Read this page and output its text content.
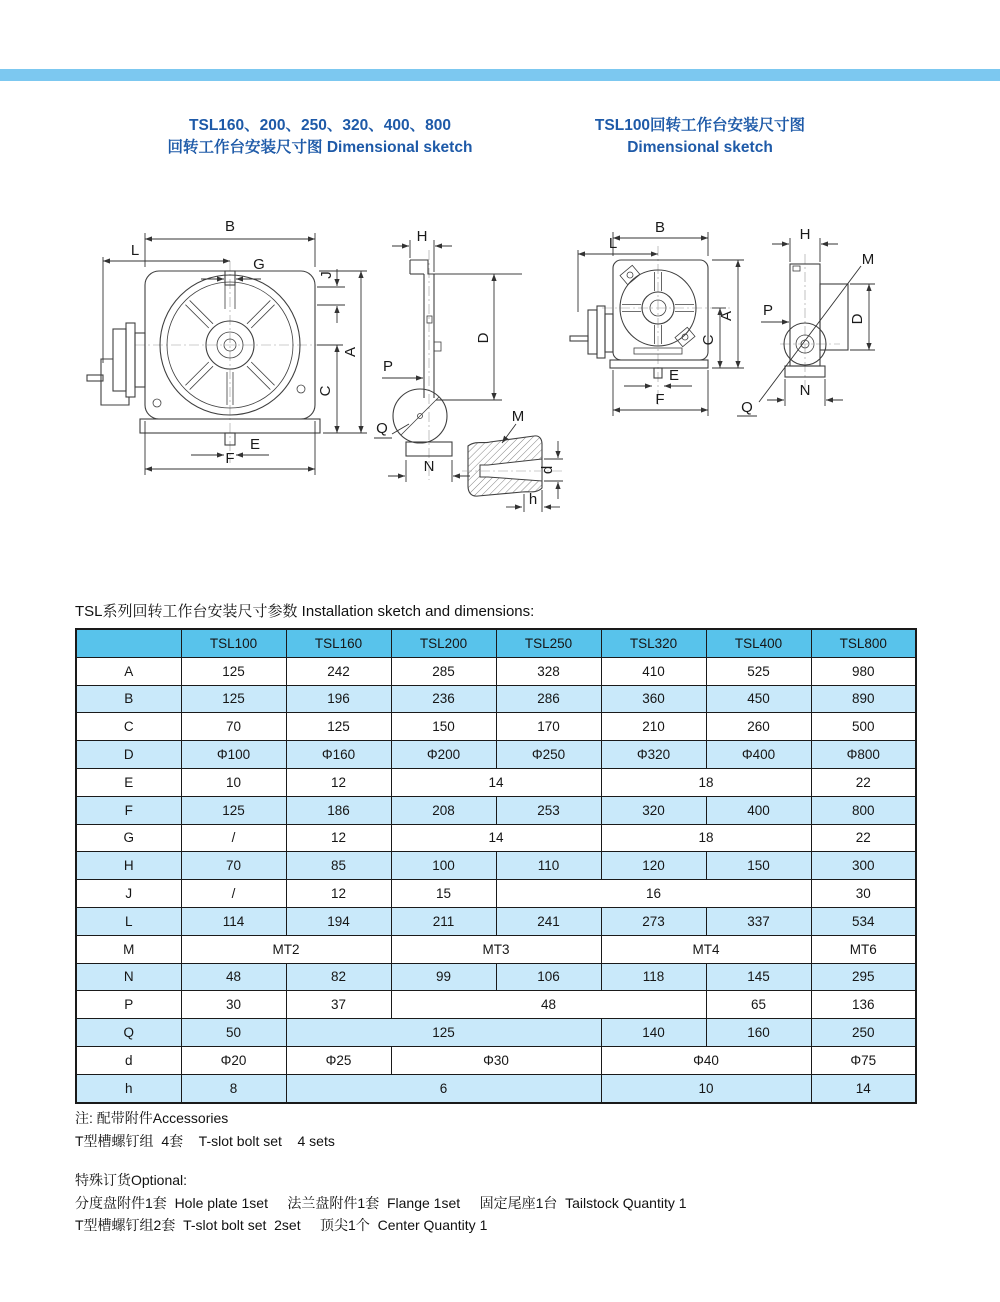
TSL160、200、250、320、400、800
回转工作台安装尺寸图 Dimensional sketch
TSL100回转工作台安装尺寸图
Dimensional sketch
B
L
G
J
A
C
E
F
H
P
Q
N
D
M
d
h
B
L
A
C
E
F
H
M
P	D
Q
N
TSL系列回转工作台安装尺寸参数 Installation sketch and dimensions:
	TSL100	TSL160	TSL200	TSL250	TSL320	TSL400	TSL800
A	125	242	285	328	410	525	980
B	125	196	236	286	360	450	890
C	70	125	150	170	210	260	500
D	Φ100	Φ160	Φ200	Φ250	Φ320	Φ400	Φ800
E	10	12	14		18		22
F	125	186	208	253	320	400	800
G	/	12	14		18		22
H	70	85	100	110	120	150	300
J	/	12	15	16			30
L	114	194	211	241	273	337	534
M	MT2		MT3		MT4		MT6
N	48	82	99	106	118	145	295
P	30	37	48			65	136
Q	50	125			140	160	250
d	Φ20	Φ25	Φ30		Φ40		Φ75
h	8	6			10		14
注: 配带附件Accessories
T型槽螺钉组  4套    T-slot bolt set    4 sets
特殊订货Optional:
分度盘附件1套  Hole plate 1set     法兰盘附件1套  Flange 1set     固定尾座1台  Tailstock Quantity 1
T型槽螺钉组2套  T-slot bolt set  2set     顶尖1个  Center Quantity 1
